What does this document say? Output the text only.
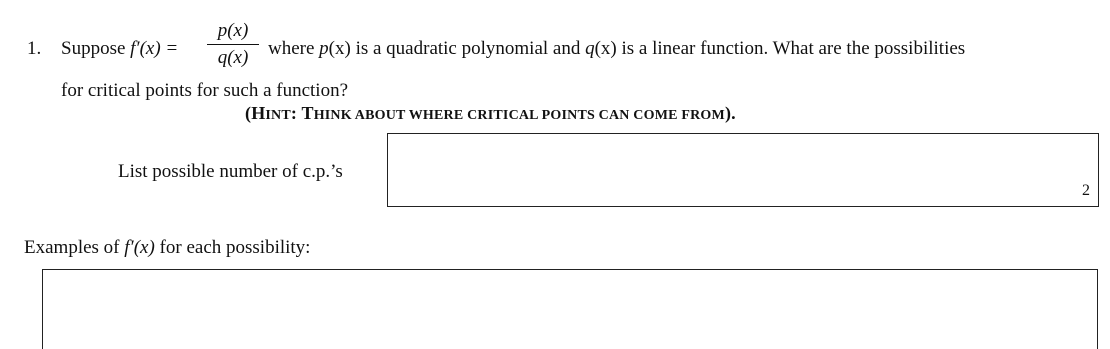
1. Suppose f′(x) =
p(x)
q(x)	where p(x) is a quadratic polynomial and q(x) is a linear function. What are the possibilities
for critical points for such a function?
(HINT: THINK ABOUT WHERE CRITICAL POINTS CAN COME FROM).
List possible number of c.p.’s
2
Examples of f′(x) for each possibility:
